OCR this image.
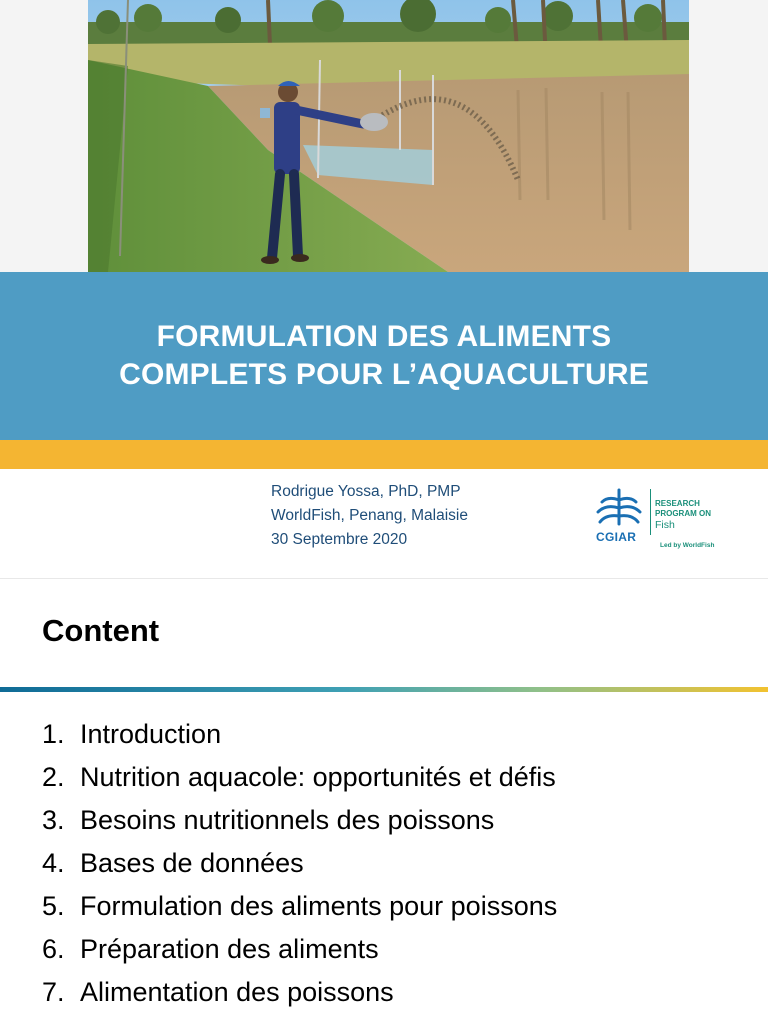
FORMULATION DES ALIMENTS
COMPLETS POUR L’AQUACULTURE
Rodrigue Yossa, PhD, PMP
WorldFish, Penang, Malaisie
30 Septembre 2020	CGIAR
RESEARCH
PROGRAM ON
Fish
Led by WorldFish
Content
1. Introduction
2. Nutrition aquacole: opportunités et défis
3. Besoins nutritionnels des poissons
4. Bases de données
5. Formulation des aliments pour poissons
6. Préparation des aliments
7. Alimentation des poissons
